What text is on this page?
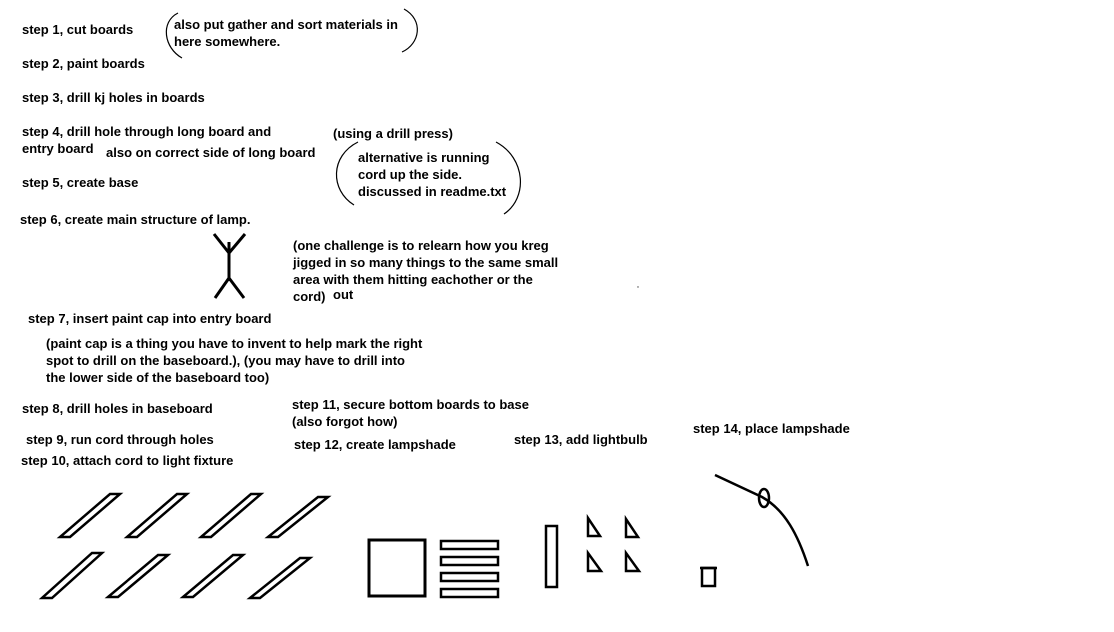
step 1, cut boards
step 2, paint boards
step 3, drill kj holes in boards
step 4, drill hole through long board and
entry board
step 5, create base
step 6, create main structure of lamp.
step 7, insert paint cap into entry board
step 8, drill holes in baseboard
step 9, run cord through holes
step 10, attach cord to light fixture
step 11, secure bottom boards to base
step 12, create lampshade	step 13, add lightbulb
step 14, place lampshade
also put gather and sort materials in
here somewhere.
(using a drill press)
also on correct side of long board	alternative is running
cord up the side.
discussed in readme.txt
(one challenge is to relearn how you kreg
jigged in so many things to the same small
area with them hitting eachother or the
cord) out
(paint cap is a thing you have to invent to help mark the right
spot to drill on the baseboard.), (you may have to drill into
the lower side of the baseboard too)
(also forgot how)
